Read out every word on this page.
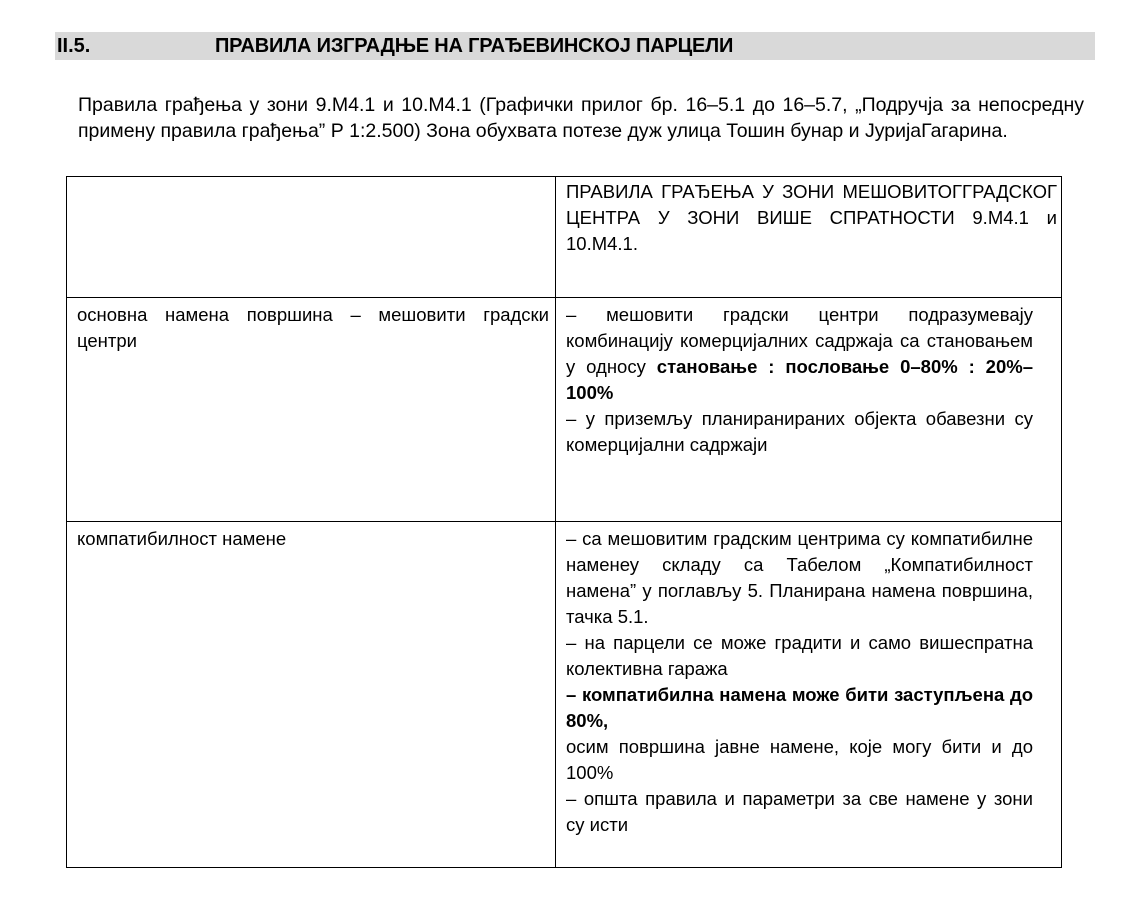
II.5.	ПРАВИЛА ИЗГРАДЊЕ НА ГРАЂЕВИНСКОЈ ПАРЦЕЛИ
Правила грађења у зони 9.М4.1 и 10.М4.1 (Графички прилог бр. 16–5.1 до 16–5.7, „Подручја за непосредну примену правила грађења” Р 1:2.500) Зона обухвата потезе дуж улица Тошин бунар и ЈуријаГагарина.

	ПРАВИЛА ГРАЂЕЊА У ЗОНИ МЕШОВИТОГГРАДСКОГ ЦЕНТРА У ЗОНИ ВИШЕ СПРАТНОСТИ 9.М4.1 и 10.М4.1.

основна намена површина – мешовити градски центри	– мешовити градски центри подразумевају комбинацију комерцијалних садржаја са становањем у односу становање : пословање 0–80% : 20%–100%

– у приземљу планиранираних објекта обавезни су комерцијални садржаји

компатибилност намене	– са мешовитим градским центрима су компатибилне наменеу складу са Табелом „Компатибилност намена” у поглављу 5. Планирана намена површина, тачка 5.1.

– на парцели се може градити и само вишеспратна колективна гаража

– компатибилна намена може бити заступљена до 80%,

осим површина јавне намене, које могу бити и до 100%

– општа правила и параметри за све намене у зони су исти
